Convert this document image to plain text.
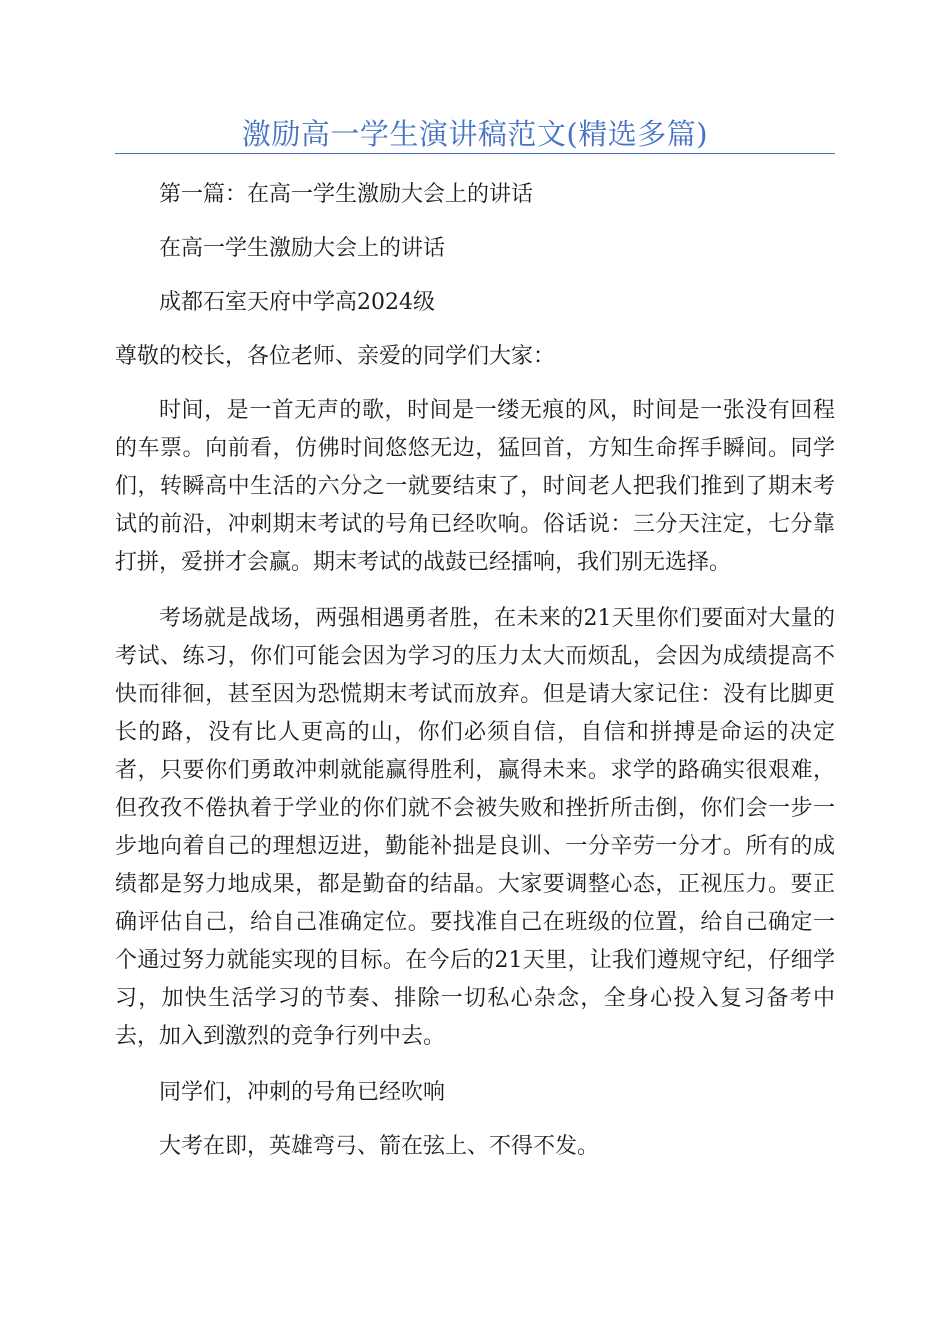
激励高一学生演讲稿范文(精选多篇)

第一篇：在高一学生激励大会上的讲话

在高一学生激励大会上的讲话

成都石室天府中学高2024级

尊敬的校长，各位老师、亲爱的同学们大家：

时间，是一首无声的歌，时间是一缕无痕的风，时间是一张没有回程的车票。向前看，仿佛时间悠悠无边，猛回首，方知生命挥手瞬间。同学们，转瞬高中生活的六分之一就要结束了，时间老人把我们推到了期末考试的前沿，冲刺期末考试的号角已经吹响。俗话说：三分天注定，七分靠打拼，爱拼才会赢。期末考试的战鼓已经擂响，我们别无选择。

考场就是战场，两强相遇勇者胜，在未来的21天里你们要面对大量的考试、练习，你们可能会因为学习的压力太大而烦乱，会因为成绩提高不快而徘徊，甚至因为恐慌期末考试而放弃。但是请大家记住：没有比脚更长的路，没有比人更高的山，你们必须自信，自信和拼搏是命运的决定者，只要你们勇敢冲刺就能赢得胜利，赢得未来。求学的路确实很艰难，但孜孜不倦执着于学业的你们就不会被失败和挫折所击倒，你们会一步一步地向着自己的理想迈进，勤能补拙是良训、一分辛劳一分才。所有的成绩都是努力地成果，都是勤奋的结晶。大家要调整心态，正视压力。要正确评估自己，给自己准确定位。要找准自己在班级的位置，给自己确定一个通过努力就能实现的目标。在今后的21天里，让我们遵规守纪，仔细学习，加快生活学习的节奏、排除一切私心杂念，全身心投入复习备考中去，加入到激烈的竞争行列中去。

同学们，冲刺的号角已经吹响

大考在即，英雄弯弓、箭在弦上、不得不发。
